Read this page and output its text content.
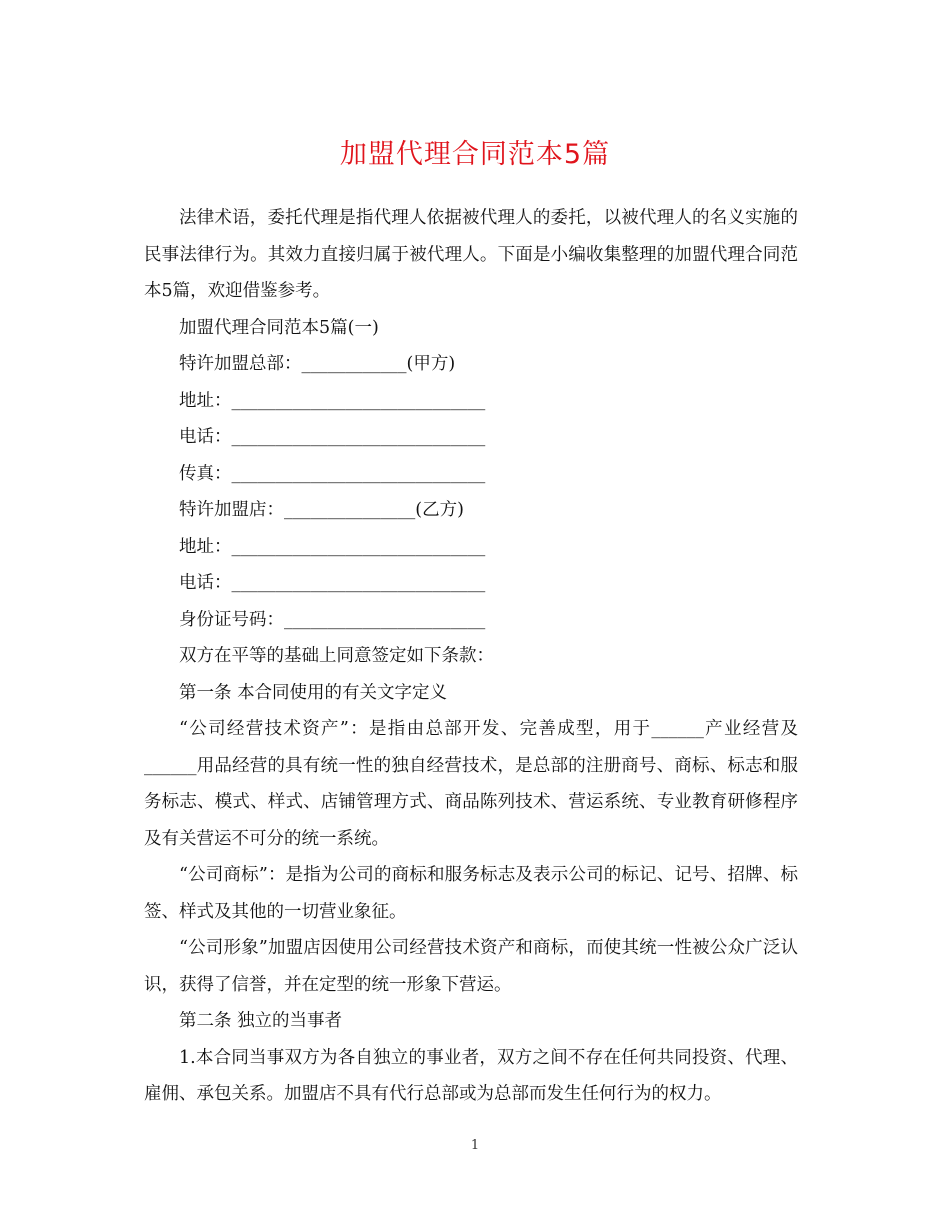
加盟代理合同范本5篇

法律术语，委托代理是指代理人依据被代理人的委托，以被代理人的名义实施的民事法律行为。其效力直接归属于被代理人。下面是小编收集整理的加盟代理合同范本5篇，欢迎借鉴参考。

加盟代理合同范本5篇(一)

特许加盟总部：____________(甲方)

地址：_____________________________

电话：_____________________________

传真：_____________________________

特许加盟店：_______________(乙方)

地址：_____________________________

电话：_____________________________

身份证号码：_______________________

双方在平等的基础上同意签定如下条款：

第一条 本合同使用的有关文字定义

“公司经营技术资产”：是指由总部开发、完善成型，用于______产业经营及______用品经营的具有统一性的独自经营技术，是总部的注册商号、商标、标志和服务标志、模式、样式、店铺管理方式、商品陈列技术、营运系统、专业教育研修程序及有关营运不可分的统一系统。

“公司商标”：是指为公司的商标和服务标志及表示公司的标记、记号、招牌、标签、样式及其他的一切营业象征。

“公司形象”加盟店因使用公司经营技术资产和商标，而使其统一性被公众广泛认识，获得了信誉，并在定型的统一形象下营运。

第二条 独立的当事者

1.本合同当事双方为各自独立的事业者，双方之间不存在任何共同投资、代理、雇佣、承包关系。加盟店不具有代行总部或为总部而发生任何行为的权力。

1
